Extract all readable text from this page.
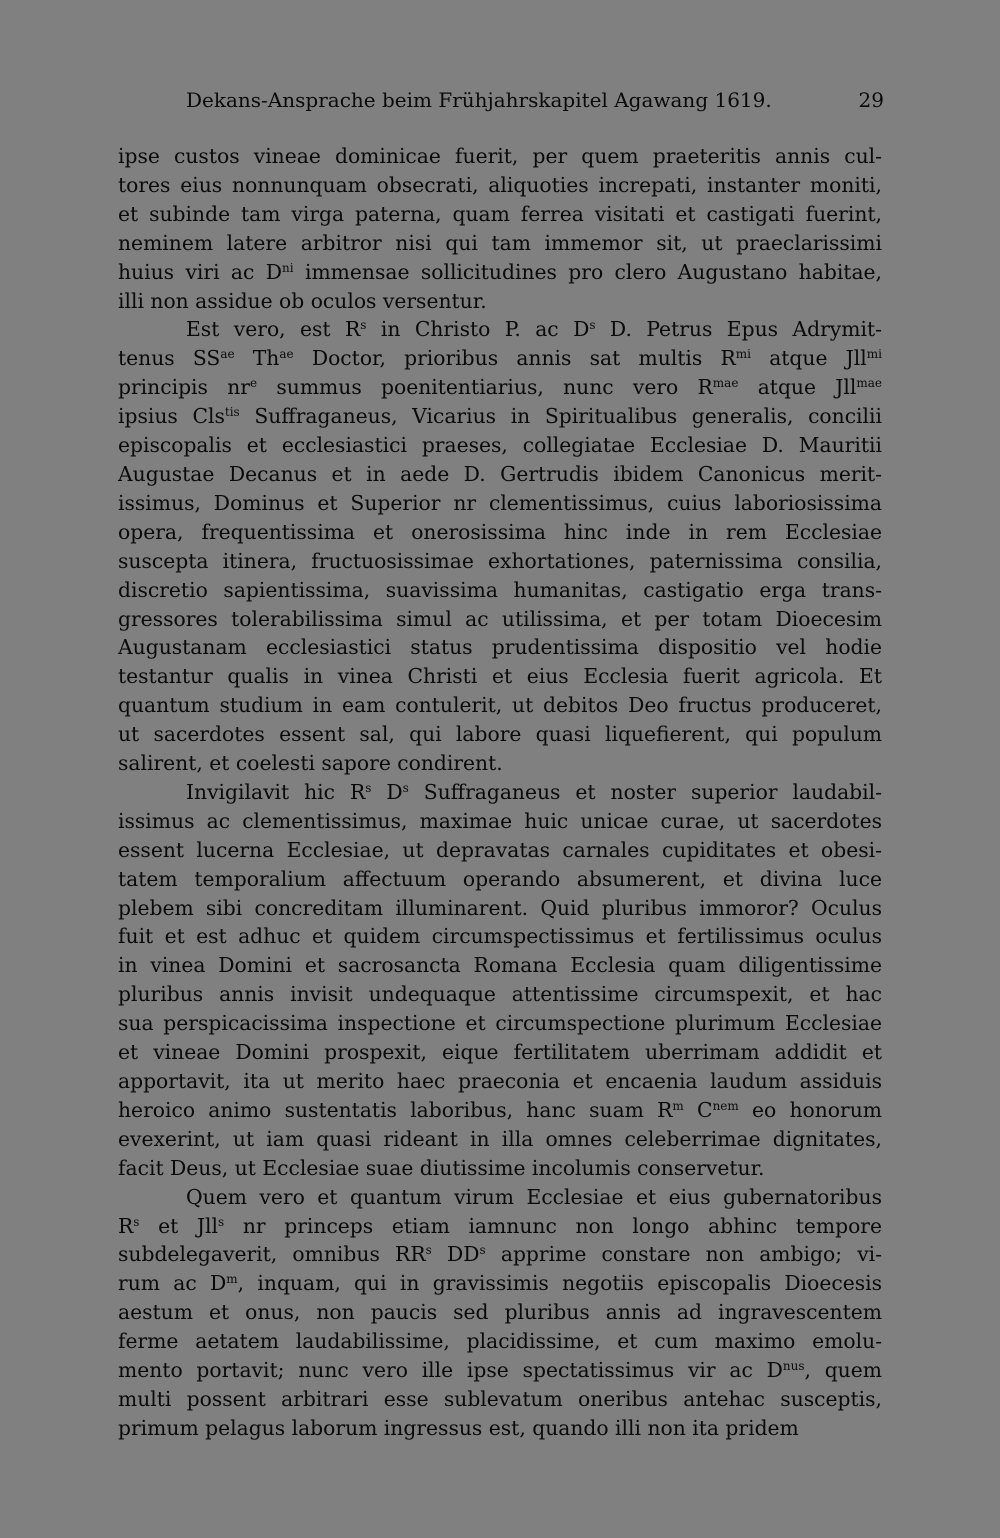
Dekans-Ansprache beim Frühjahrskapitel Agawang 1619.	29

ipse custos vineae dominicae fuerit, per quem praeteritis annis cul-

tores eius nonnunquam obsecrati, aliquoties increpati, instanter moniti,

et subinde tam virga paterna, quam ferrea visitati et castigati fuerint,

neminem latere arbitror nisi qui tam immemor sit, ut praeclarissimi

huius viri ac $D^{ni}$ immensae sollicitudines pro clero Augustano habitae,

illi non assidue ob oculos versentur.

Est vero, est $R^s$ in Christo P. ac $D^s$ D. Petrus Epus Adrymit-

tenus $SS^{ae}$ $Th^{ae}$ Doctor, prioribus annis sat multis $R^{mi}$ atque Jll$^{mi}$

principis $nr^e$ summus poenitentiarius, nunc vero $R^{mae}$ atque Jll$^{mae}$

ipsius Cls$^{tis}$ Suffraganeus, Vicarius in Spiritualibus generalis, concilii

episcopalis et ecclesiastici praeses, collegiatae Ecclesiae D. Mauritii

Augustae Decanus et in aede D. Gertrudis ibidem Canonicus merit-

issimus, Dominus et Superior nr clementissimus, cuius laboriosissima

opera, frequentissima et onerosissima hinc inde in rem Ecclesiae

suscepta itinera, fructuosissimae exhortationes, paternissima consilia,

discretio sapientissima, suavissima humanitas, castigatio erga trans-

gressores tolerabilissima simul ac utilissima, et per totam Dioecesim

Augustanam ecclesiastici status prudentissima dispositio vel hodie

testantur qualis in vinea Christi et eius Ecclesia fuerit agricola. Et

quantum studium in eam contulerit, ut debitos Deo fructus produceret,

ut sacerdotes essent sal, qui labore quasi liquefierent, qui populum

salirent, et coelesti sapore condirent.

Invigilavit hic $R^s$ $D^s$ Suffraganeus et noster superior laudabil-

issimus ac clementissimus, maximae huic unicae curae, ut sacerdotes

essent lucerna Ecclesiae, ut depravatas carnales cupiditates et obesi-

tatem temporalium affectuum operando absumerent, et divina luce

plebem sibi concreditam illuminarent. Quid pluribus immoror? Oculus

fuit et est adhuc et quidem circumspectissimus et fertilissimus oculus

in vinea Domini et sacrosancta Romana Ecclesia quam diligentissime

pluribus annis invisit undequaque attentissime circumspexit, et hac

sua perspicacissima inspectione et circumspectione plurimum Ecclesiae

et vineae Domini prospexit, eique fertilitatem uberrimam addidit et

apportavit, ita ut merito haec praeconia et encaenia laudum assiduis

heroico animo sustentatis laboribus, hanc suam $R^m$ $C^{nem}$ eo honorum

evexerint, ut iam quasi rideant in illa omnes celeberrimae dignitates,

facit Deus, ut Ecclesiae suae diutissime incolumis conservetur.

Quem vero et quantum virum Ecclesiae et eius gubernatoribus

$R^s$ et Jll$^s$ nr princeps etiam iamnunc non longo abhinc tempore

subdelegaverit, omnibus $RR^s$ $DD^s$ apprime constare non ambigo; vi-

rum ac $D^m$, inquam, qui in gravissimis negotiis episcopalis Dioecesis

aestum et onus, non paucis sed pluribus annis ad ingravescentem

ferme aetatem laudabilissime, placidissime, et cum maximo emolu-

mento portavit; nunc vero ille ipse spectatissimus vir ac $D^{nus}$, quem

multi possent arbitrari esse sublevatum oneribus antehac susceptis,

primum pelagus laborum ingressus est, quando illi non ita pridem
